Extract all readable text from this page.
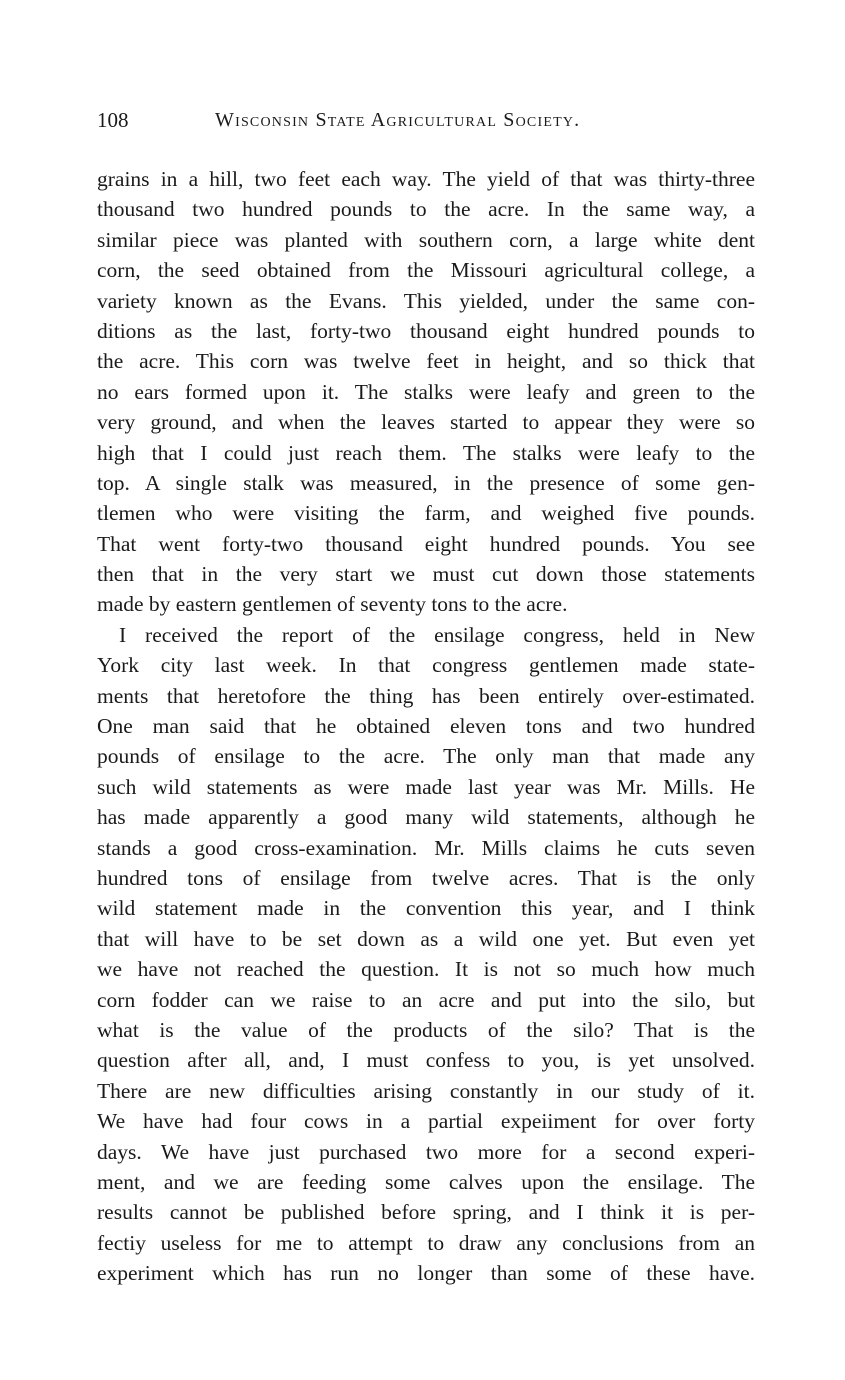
108	Wisconsin State Agricultural Society.
grains in a hill, two feet each way. The yield of that was thirty-three
thousand two hundred pounds to the acre. In the same way, a
similar piece was planted with southern corn, a large white dent
corn, the seed obtained from the Missouri agricultural college, a
variety known as the Evans. This yielded, under the same con-
ditions as the last, forty-two thousand eight hundred pounds to
the acre. This corn was twelve feet in height, and so thick that
no ears formed upon it. The stalks were leafy and green to the
very ground, and when the leaves started to appear they were so
high that I could just reach them. The stalks were leafy to the
top. A single stalk was measured, in the presence of some gen-
tlemen who were visiting the farm, and weighed five pounds.
That went forty-two thousand eight hundred pounds. You see
then that in the very start we must cut down those statements
made by eastern gentlemen of seventy tons to the acre.
I received the report of the ensilage congress, held in New
York city last week. In that congress gentlemen made state-
ments that heretofore the thing has been entirely over-estimated.
One man said that he obtained eleven tons and two hundred
pounds of ensilage to the acre. The only man that made any
such wild statements as were made last year was Mr. Mills. He
has made apparently a good many wild statements, although he
stands a good cross-examination. Mr. Mills claims he cuts seven
hundred tons of ensilage from twelve acres. That is the only
wild statement made in the convention this year, and I think
that will have to be set down as a wild one yet. But even yet
we have not reached the question. It is not so much how much
corn fodder can we raise to an acre and put into the silo, but
what is the value of the products of the silo? That is the
question after all, and, I must confess to you, is yet unsolved.
There are new difficulties arising constantly in our study of it.
We have had four cows in a partial expeiiment for over forty
days. We have just purchased two more for a second experi-
ment, and we are feeding some calves upon the ensilage. The
results cannot be published before spring, and I think it is per-
fectiy useless for me to attempt to draw any conclusions from an
experiment which has run no longer than some of these have.
